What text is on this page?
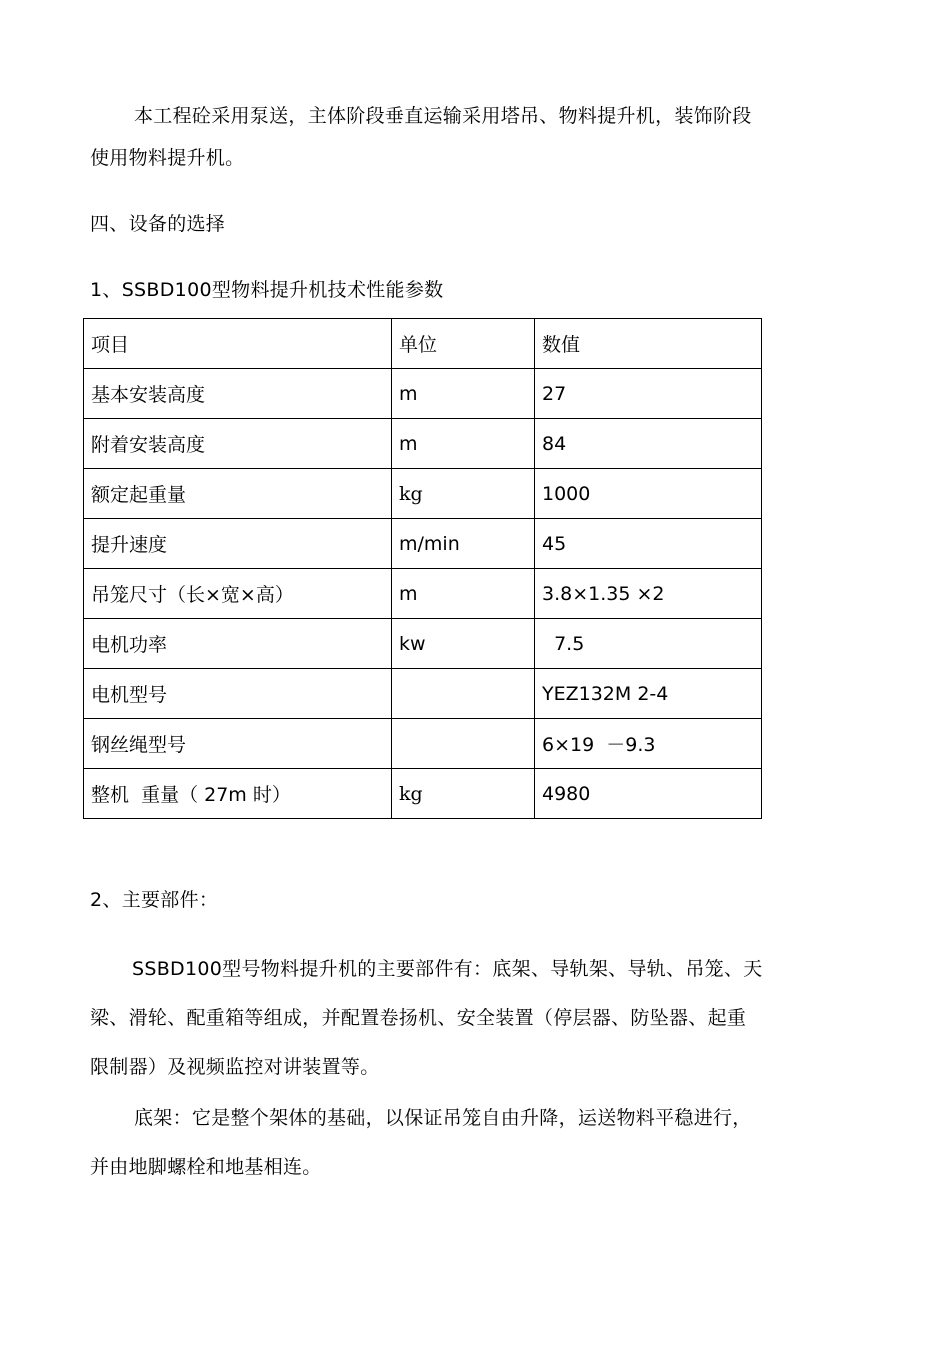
本工程砼采用泵送，主体阶段垂直运输采用塔吊、物料提升机，装饰阶段
使用物料提升机。
四、设备的选择
1、SSBD100型物料提升机技术性能参数
项目	单位	数值
基本安装高度	m	27
附着安装高度	m	84
额定起重量	kg	1000
提升速度	m/min	45
吊笼尺寸（长×宽×高）	m	3.8×1.35 ×2
电机功率	kw	7.5
电机型号		YEZ132M 2-4
钢丝绳型号		6×19  －9.3
整机  重量（ 27m 时）	kg	4980
2、主要部件：
SSBD100型号物料提升机的主要部件有：底架、导轨架、导轨、吊笼、天
梁、滑轮、配重箱等组成，并配置卷扬机、安全装置（停层器、防坠器、起重
限制器）及视频监控对讲装置等。
底架：它是整个架体的基础，以保证吊笼自由升降，运送物料平稳进行，
并由地脚螺栓和地基相连。
